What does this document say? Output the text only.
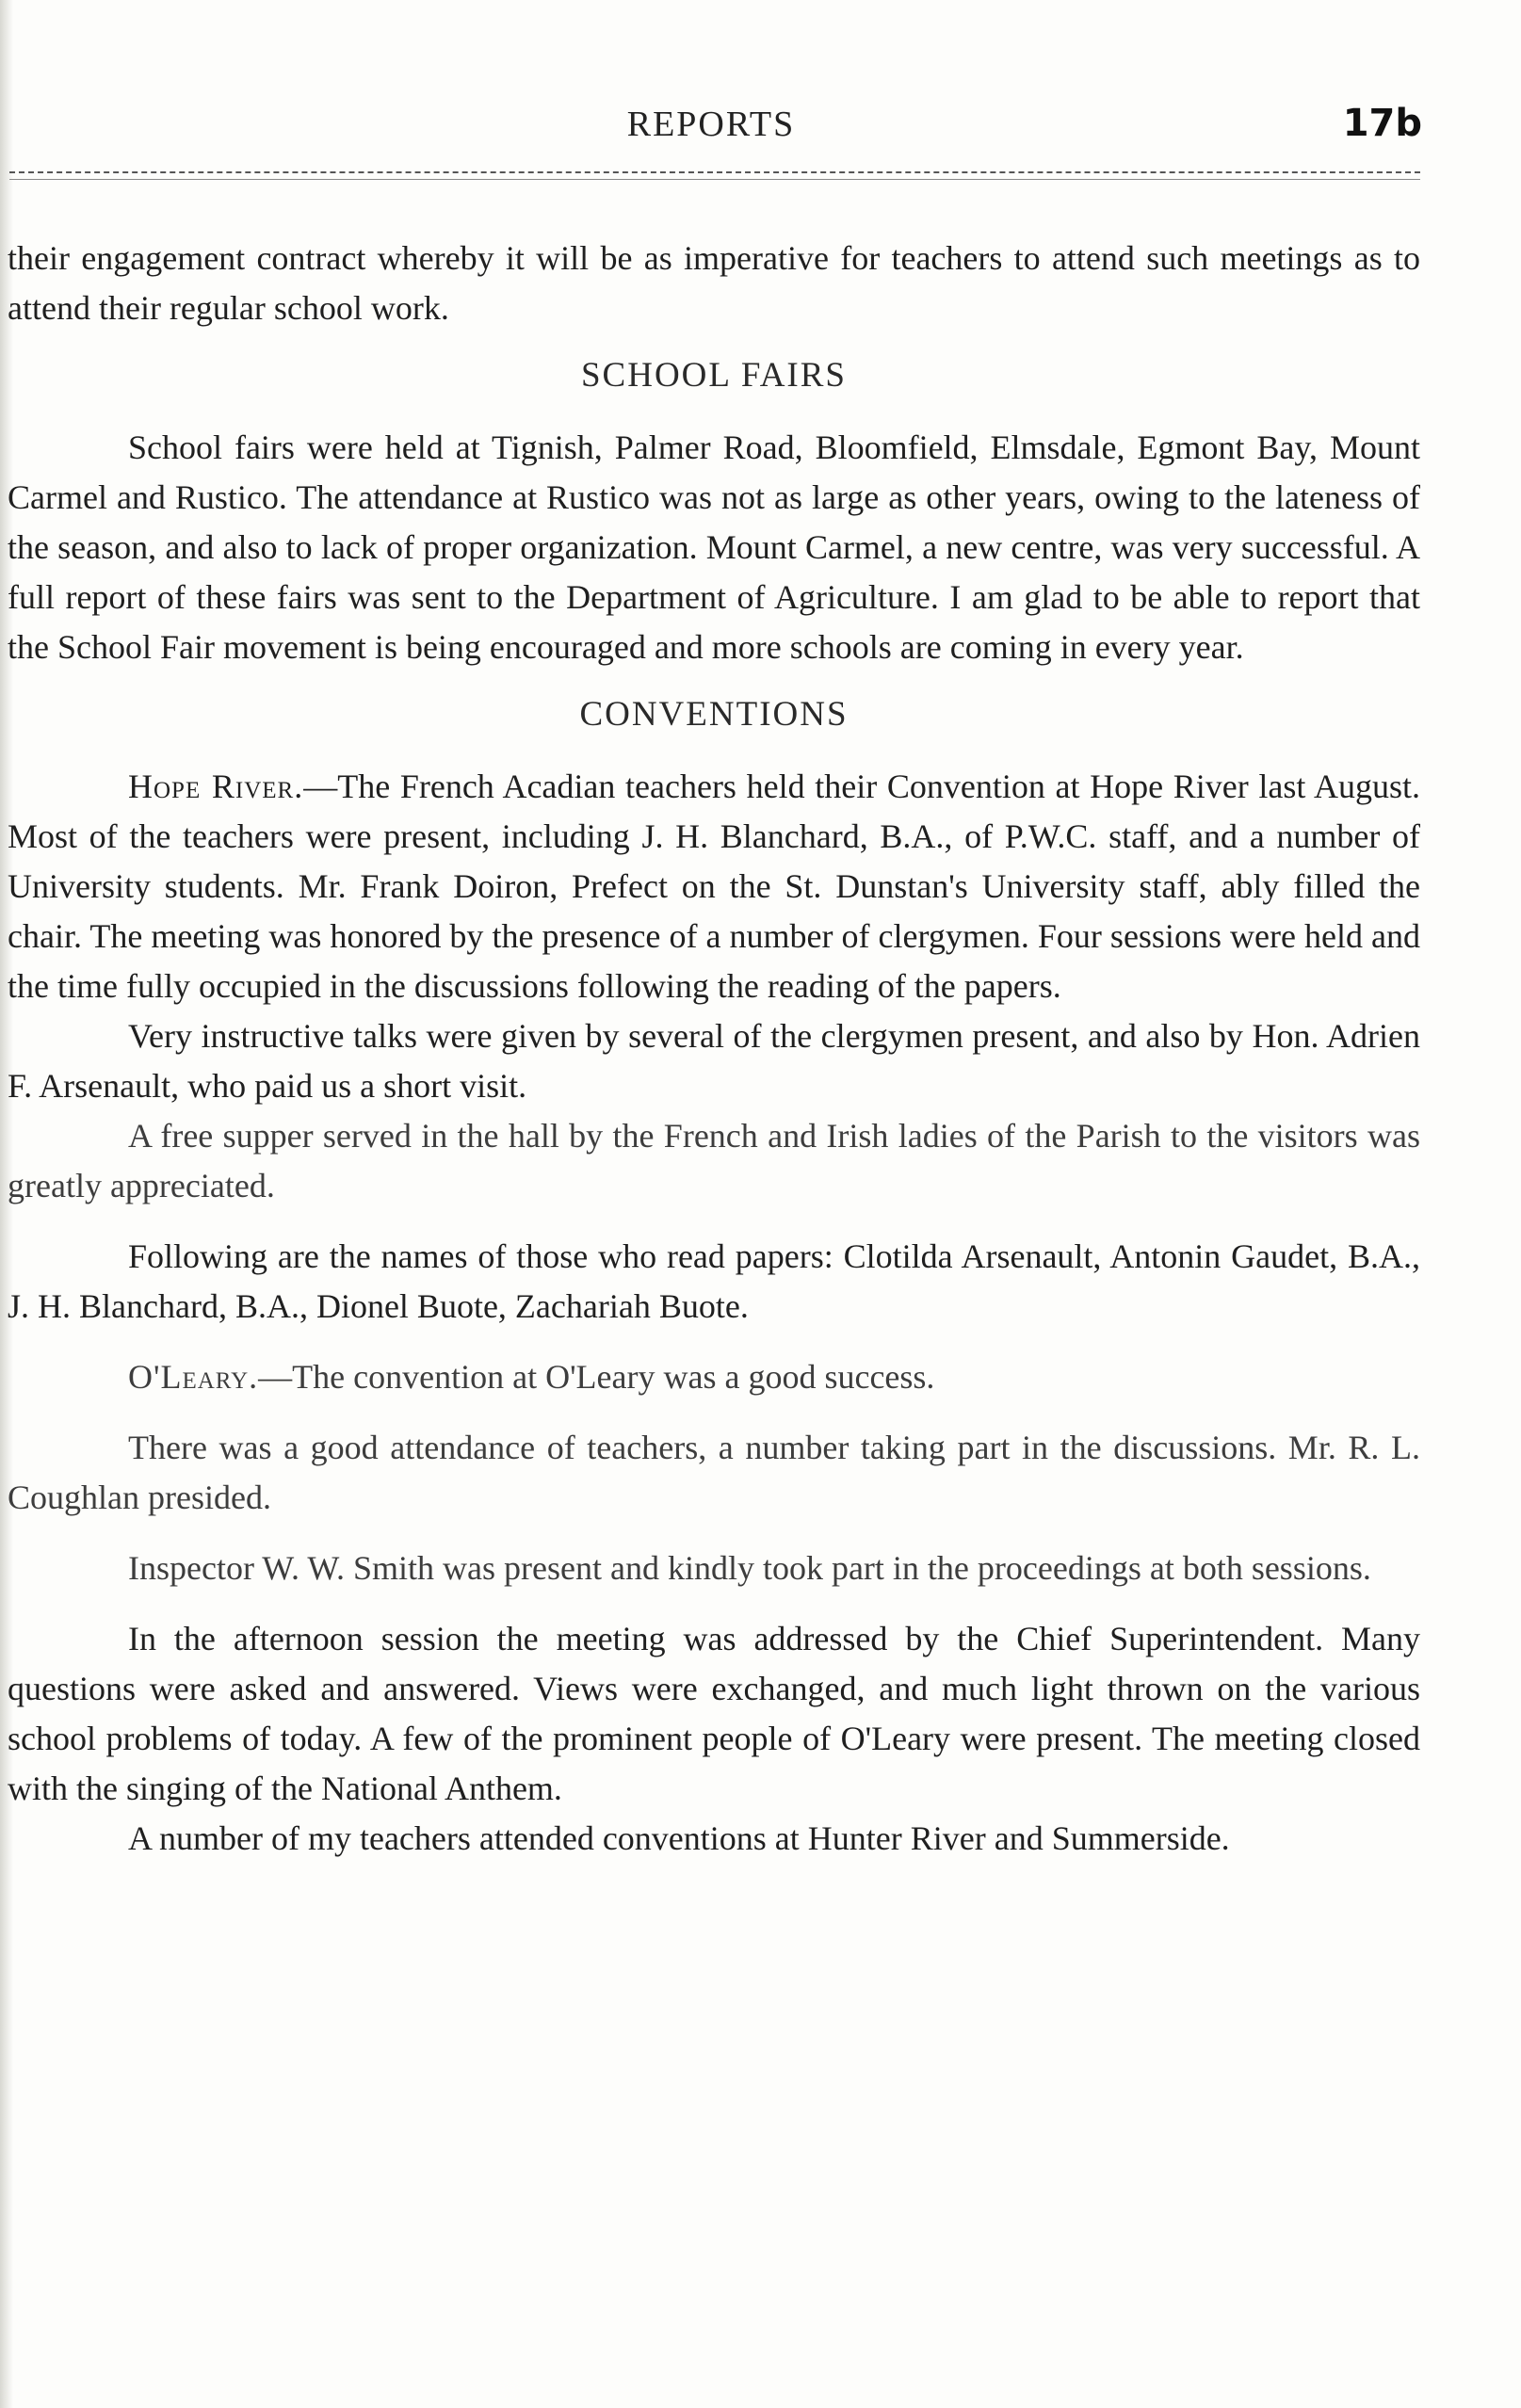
REPORTS	17b

their engagement contract whereby it will be as imperative for teachers to attend such meetings as to attend their regular school work.

SCHOOL FAIRS

School fairs were held at Tignish, Palmer Road, Bloomfield, Elmsdale, Egmont Bay, Mount Carmel and Rustico. The attendance at Rustico was not as large as other years, owing to the lateness of the season, and also to lack of proper organization. Mount Carmel, a new centre, was very successful. A full report of these fairs was sent to the Department of Agriculture. I am glad to be able to report that the School Fair movement is being encouraged and more schools are coming in every year.

CONVENTIONS

Hope River.—The French Acadian teachers held their Convention at Hope River last August. Most of the teachers were present, including J. H. Blanchard, B.A., of P.W.C. staff, and a number of University students. Mr. Frank Doiron, Prefect on the St. Dunstan's University staff, ably filled the chair. The meeting was honored by the presence of a number of clergymen. Four sessions were held and the time fully occupied in the discussions following the reading of the papers.

Very instructive talks were given by several of the clergymen present, and also by Hon. Adrien F. Arsenault, who paid us a short visit.

A free supper served in the hall by the French and Irish ladies of the Parish to the visitors was greatly appreciated.

Following are the names of those who read papers: Clotilda Arsenault, Antonin Gaudet, B.A., J. H. Blanchard, B.A., Dionel Buote, Zachariah Buote.

O'Leary.—The convention at O'Leary was a good success.

There was a good attendance of teachers, a number taking part in the discussions. Mr. R. L. Coughlan presided.

Inspector W. W. Smith was present and kindly took part in the proceedings at both sessions.

In the afternoon session the meeting was addressed by the Chief Superintendent. Many questions were asked and answered. Views were exchanged, and much light thrown on the various school problems of today. A few of the prominent people of O'Leary were present. The meeting closed with the singing of the National Anthem.

A number of my teachers attended conventions at Hunter River and Summerside.
